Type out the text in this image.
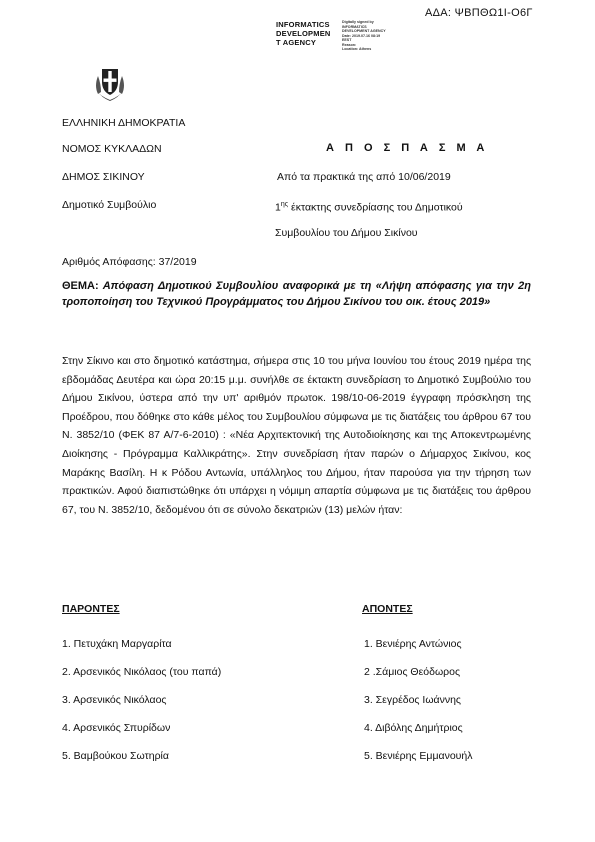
ΑΔΑ: ΨΒΠΘΩ1Ι-Ο6Γ
INFORMATICS
DEVELOPMEN
T AGENCY
Digitally signed by
INFORMATICS
DEVELOPMENT AGENCY
Date: 2019.07.16 08:19
EEST
Reason:
Location: Athens
ΕΛΛΗΝΙΚΗ ΔΗΜΟΚΡΑΤΙΑ
ΝΟΜΟΣ ΚΥΚΛΑΔΩΝ
ΔΗΜΟΣ ΣΙΚΙΝΟΥ
Δημοτικό Συμβούλιο
Αριθμός Απόφασης: 37/2019
Α Π Ο Σ Π Α Σ Μ Α
Από τα πρακτικά της από 10/06/2019
$1^{\eta\varsigma}$ έκτακτης συνεδρίασης του Δημοτικού
Συμβουλίου του Δήμου Σικίνου
ΘΕΜΑ: Απόφαση Δημοτικού Συμβουλίου αναφορικά με τη «Λήψη απόφασης για την 2η τροποποίηση του Τεχνικού Προγράμματος του Δήμου Σικίνου του οικ. έτους 2019»
Στην Σίκινο και στο δημοτικό κατάστημα, σήμερα στις 10 του μήνα Ιουνίου του έτους 2019 ημέρα της εβδομάδας Δευτέρα και ώρα 20:15 μ.μ. συνήλθε σε έκτακτη συνεδρίαση το Δημοτικό Συμβούλιο του Δήμου Σικίνου, ύστερα από την υπ' αριθμόν πρωτοκ. 198/10-06-2019 έγγραφη πρόσκληση της Προέδρου, που δόθηκε στο κάθε μέλος του Συμβουλίου σύμφωνα με τις διατάξεις του άρθρου 67 του Ν. 3852/10 (ΦΕΚ 87 Α/7-6-2010) : «Νέα Αρχιτεκτονική της Αυτοδιοίκησης και της Αποκεντρωμένης Διοίκησης - Πρόγραμμα Καλλικράτης». Στην συνεδρίαση ήταν παρών ο Δήμαρχος Σικίνου, κος Μαράκης Βασίλη. Η κ Ρόδου Αντωνία, υπάλληλος του Δήμου, ήταν παρούσα για την τήρηση των πρακτικών. Αφού διαπιστώθηκε ότι υπάρχει η νόμιμη απαρτία σύμφωνα με τις διατάξεις του άρθρου 67, του Ν. 3852/10, δεδομένου ότι σε σύνολο δεκατριών (13) μελών ήταν:
ΠΑΡΟΝΤΕΣ
1. Πετυχάκη Μαργαρίτα
2. Αρσενικός Νικόλαος (του παπά)
3. Αρσενικός Νικόλαος
4. Αρσενικός Σπυρίδων
5. Βαμβούκου Σωτηρία
ΑΠΟΝΤΕΣ
1. Βενιέρης Αντώνιος
2 .Σάμιος Θεόδωρος
3. Σεγρέδος Ιωάννης
4. Διβόλης Δημήτριος
5. Βενιέρης Εμμανουήλ
